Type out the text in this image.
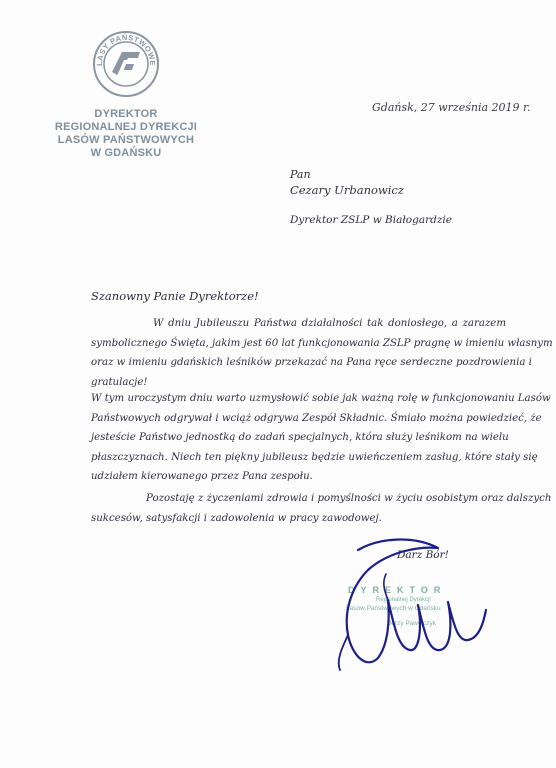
LASY PAŃSTWOWE
DYREKTOR
REGIONALNEJ DYREKCJI
LASÓW PAŃSTWOWYCH
W GDAŃSKU
Gdańsk, 27 września 2019 r.
Pan
Cezary Urbanowicz
Dyrektor ZSLP w Białogardzie
Szanowny Panie Dyrektorze!
W dniu Jubileuszu Państwa działalności tak doniosłego, a zarazem
symbolicznego Święta, jakim jest 60 lat funkcjonowania ZSLP pragnę w imieniu własnym
oraz w imieniu gdańskich leśników przekazać na Pana ręce serdeczne pozdrowienia i
gratulacje!
W tym uroczystym dniu warto uzmysłowić sobie jak ważną rolę w funkcjonowaniu Lasów
Państwowych odgrywał i wciąż odgrywa Zespół Składnic. Śmiało można powiedzieć, że
jesteście Państwo jednostką do zadań specjalnych, która służy leśnikom na wielu
płaszczyznach. Niech ten piękny jubileusz będzie uwieńczeniem zasług, które stały się
udziałem kierowanego przez Pana zespołu.
Pozostaję z życzeniami zdrowia i pomyślności w życiu osobistym oraz dalszych
sukcesów, satysfakcji i zadowolenia w pracy zawodowej.
Darz Bór!
DYREKTOR
Regionalnej Dyrekcji
Lasów Państwowych w Gdańsku
Jerzy Pawełczyk
